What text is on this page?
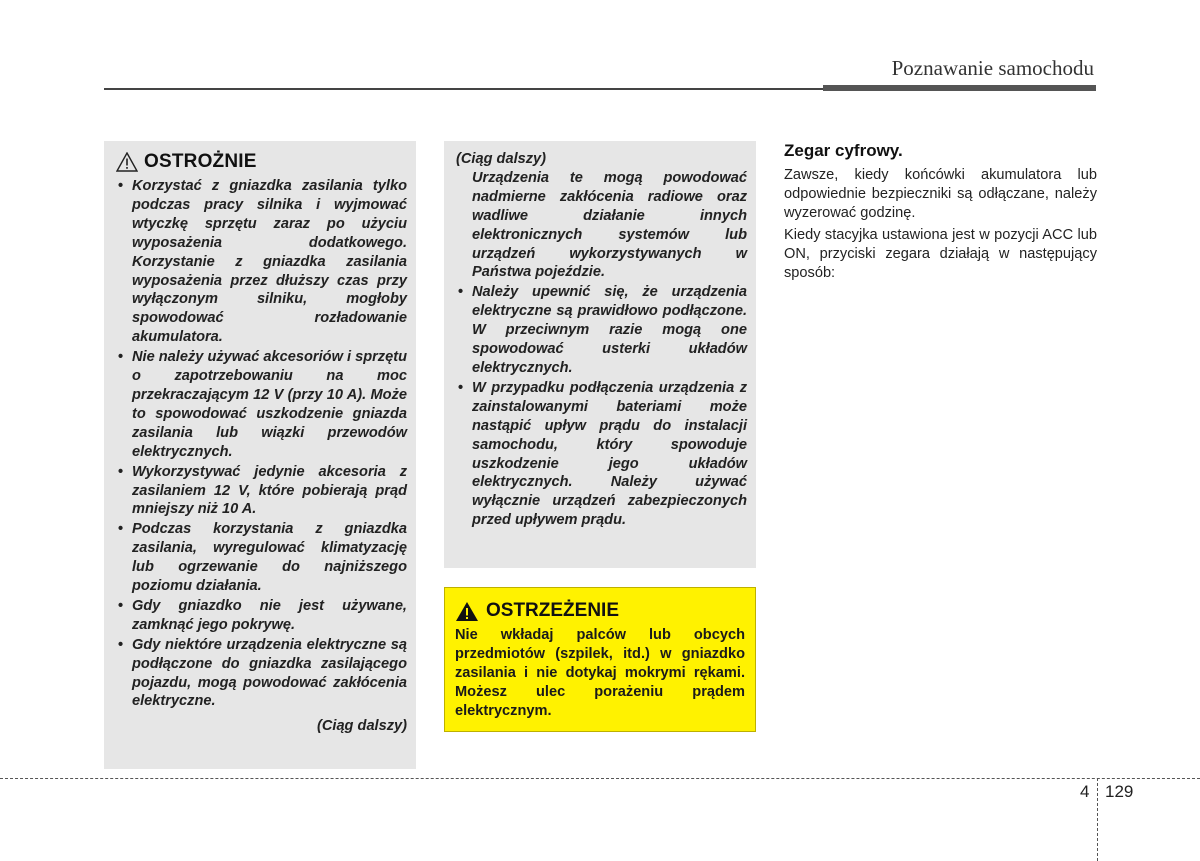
Poznawanie samochodu
OSTROŻNIE
• Korzystać z gniazdka zasilania tylko podczas pracy silnika i wyjmować wtyczkę sprzętu zaraz po użyciu wyposażenia dodatkowego. Korzystanie z gniazdka zasilania wyposażenia przez dłuższy czas przy wyłączonym silniku, mogłoby spowodować rozładowanie akumulatora.
• Nie należy używać akcesoriów i sprzętu o zapotrzebowaniu na moc przekraczającym 12 V (przy 10 A). Może to spowodować uszkodzenie gniazda zasilania lub wiązki przewodów elektrycznych.
• Wykorzystywać jedynie akcesoria z zasilaniem 12 V, które pobierają prąd mniejszy niż 10 A.
• Podczas korzystania z gniazdka zasilania, wyregulować klimatyzację lub ogrzewanie do najniższego poziomu działania.
• Gdy gniazdko nie jest używane, zamknąć jego pokrywę.
• Gdy niektóre urządzenia elektryczne są podłączone do gniazdka zasilającego pojazdu, mogą powodować zakłócenia elektryczne.
(Ciąg dalszy)
(Ciąg dalszy)
Urządzenia te mogą powodować nadmierne zakłócenia radiowe oraz wadliwe działanie innych elektronicznych systemów lub urządzeń wykorzystywanych w Państwa pojeździe.
• Należy upewnić się, że urządzenia elektryczne są prawidłowo podłączone. W przeciwnym razie mogą one spowodować usterki układów elektrycznych.
• W przypadku podłączenia urządzenia z zainstalowanymi bateriami może nastąpić upływ prądu do instalacji samochodu, który spowoduje uszkodzenie jego układów elektrycznych. Należy używać wyłącznie urządzeń zabezpieczonych przed upływem prądu.
OSTRZEŻENIE
Nie wkładaj palców lub obcych przedmiotów (szpilek, itd.) w gniazdko zasilania i nie dotykaj mokrymi rękami. Możesz ulec porażeniu prądem elektrycznym.
Zegar cyfrowy.

Zawsze, kiedy końcówki akumulatora lub odpowiednie bezpieczniki są odłączane, należy wyzerować godzinę.

Kiedy stacyjka ustawiona jest w pozycji ACC lub ON, przyciski zegara działają w następujący sposób:

4 129
